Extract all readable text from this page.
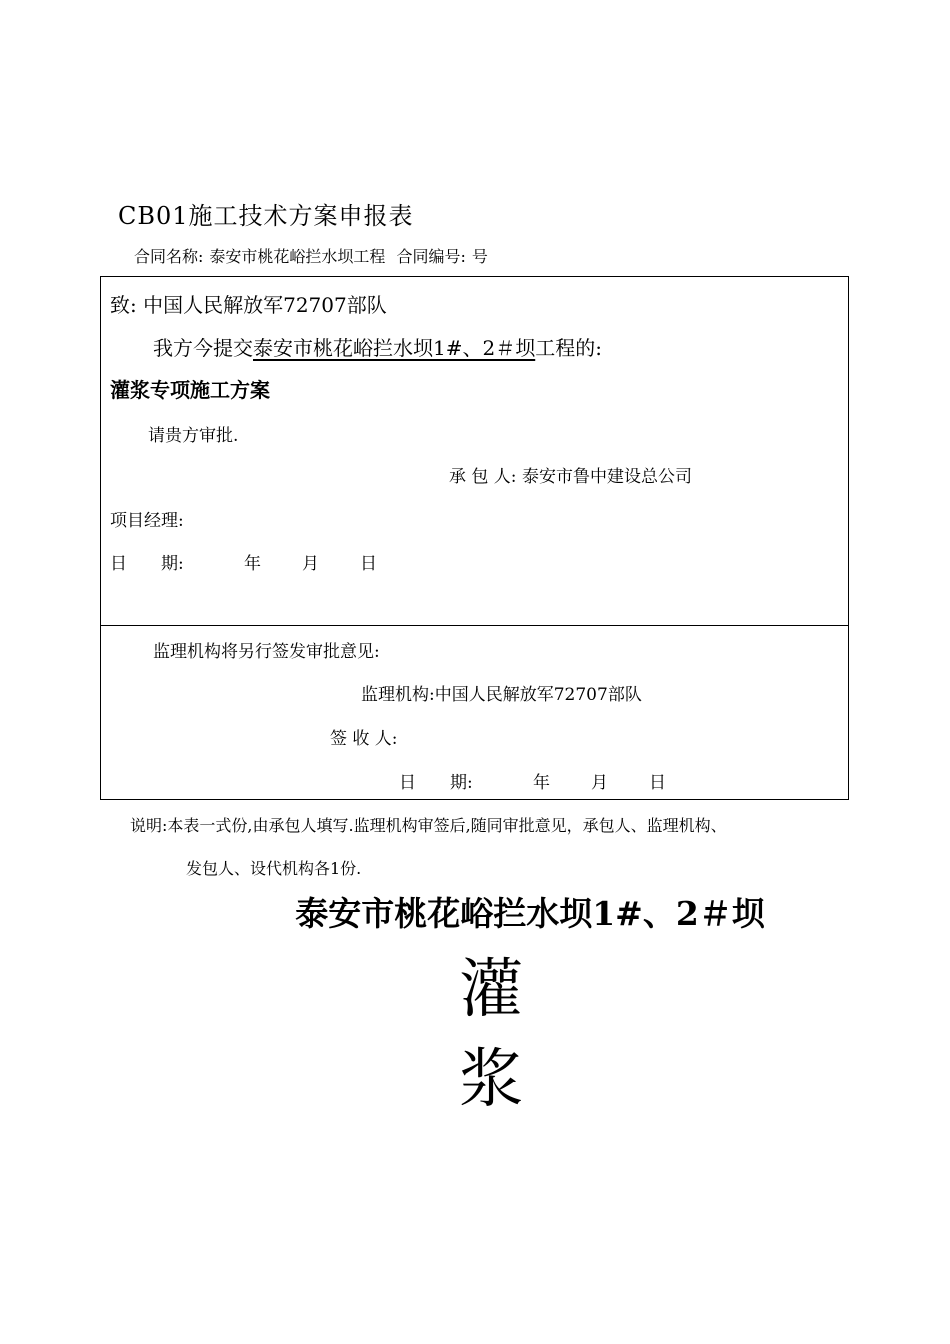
CB01施工技术方案申报表
合同名称: 泰安市桃花峪拦水坝工程 合同编号: 号
致: 中国人民解放军72707部队
我方今提交泰安市桃花峪拦水坝1#、2＃坝工程的:
灌浆专项施工方案
请贵方审批.
承 包 人: 泰安市鲁中建设总公司
项目经理:
日　　期:	年 月 日
监理机构将另行签发审批意见:
监理机构:中国人民解放军72707部队
签 收 人:
日　　期:	年 月 日
说明:本表一式份,由承包人填写.监理机构审签后,随同审批意见，承包人、监理机构、
发包人、设代机构各1份.
泰安市桃花峪拦水坝1#、2＃坝
灌
浆
